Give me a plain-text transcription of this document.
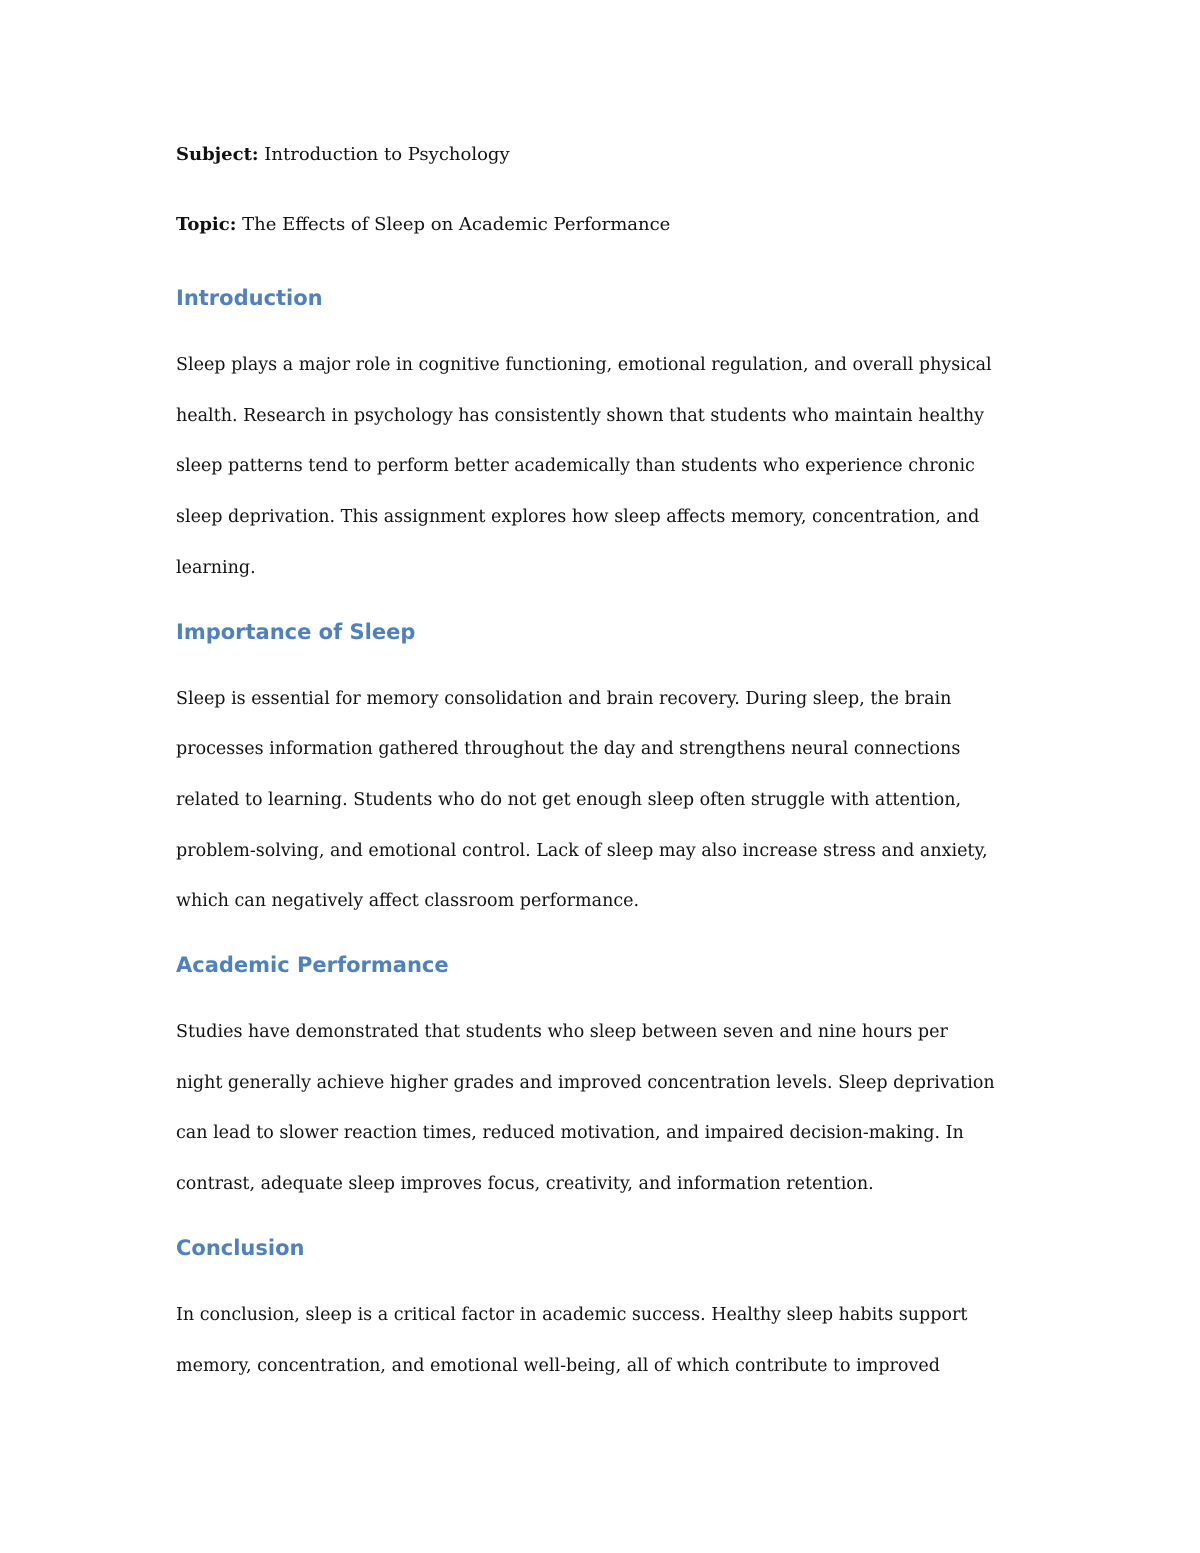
Subject: Introduction to Psychology

Topic: The Effects of Sleep on Academic Performance

Introduction

Sleep plays a major role in cognitive functioning, emotional regulation, and overall physical
health. Research in psychology has consistently shown that students who maintain healthy
sleep patterns tend to perform better academically than students who experience chronic
sleep deprivation. This assignment explores how sleep affects memory, concentration, and
learning.

Importance of Sleep

Sleep is essential for memory consolidation and brain recovery. During sleep, the brain
processes information gathered throughout the day and strengthens neural connections
related to learning. Students who do not get enough sleep often struggle with attention,
problem-solving, and emotional control. Lack of sleep may also increase stress and anxiety,
which can negatively affect classroom performance.

Academic Performance

Studies have demonstrated that students who sleep between seven and nine hours per
night generally achieve higher grades and improved concentration levels. Sleep deprivation
can lead to slower reaction times, reduced motivation, and impaired decision-making. In
contrast, adequate sleep improves focus, creativity, and information retention.

Conclusion

In conclusion, sleep is a critical factor in academic success. Healthy sleep habits support
memory, concentration, and emotional well-being, all of which contribute to improved
